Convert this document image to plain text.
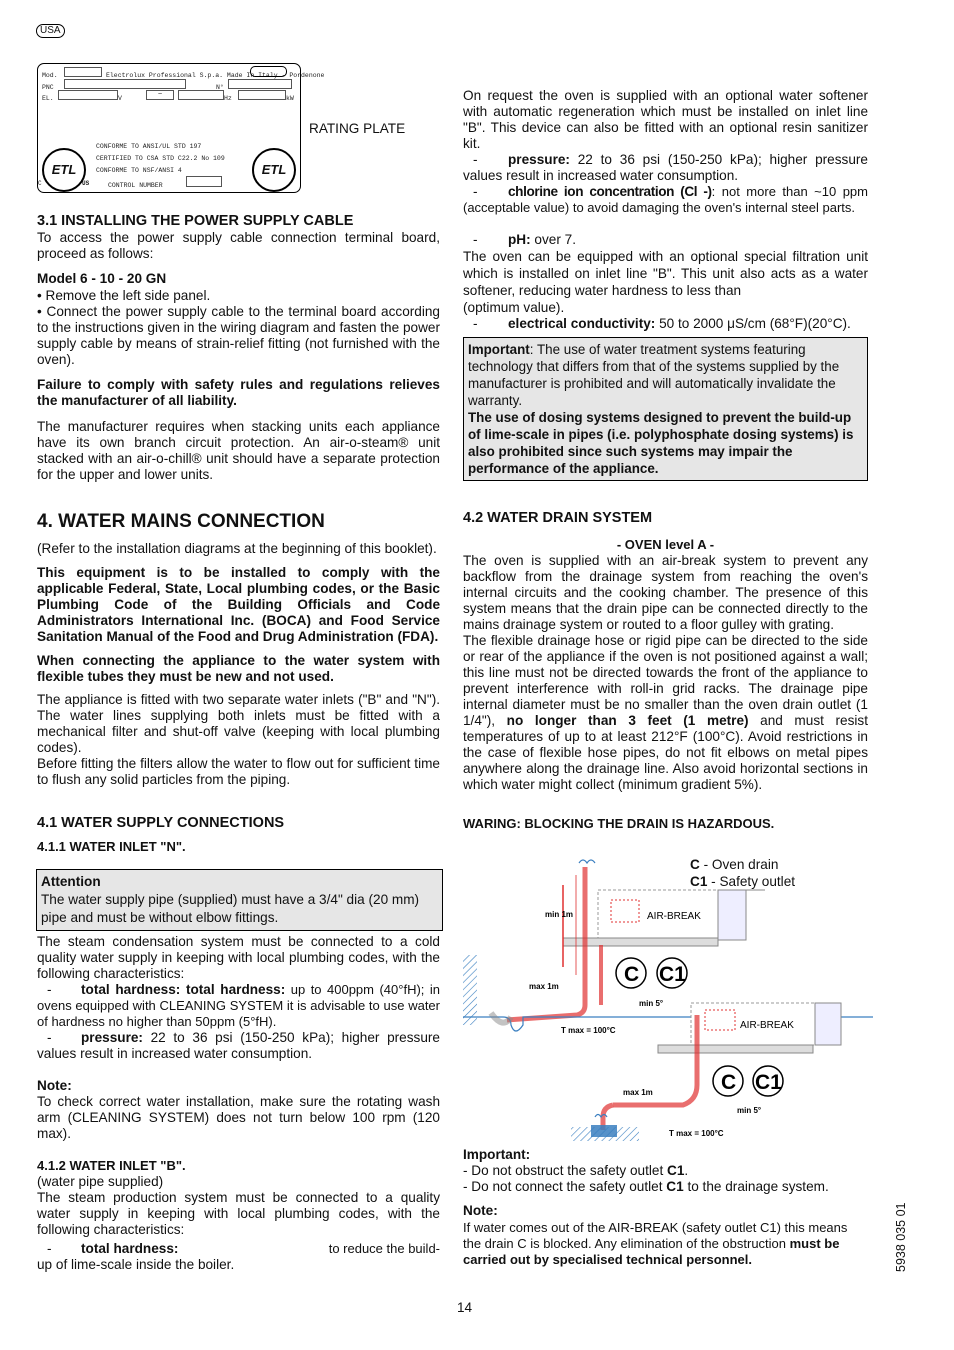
USA
Mod.	Electrolux Professional S.p.a. Made In Italy - Pordenone
PNC	N°
EL.	V
~
Hz	kW
CONFORME TO ANSI/UL STD 197
CERTIFIED TO CSA STD C22.2 No 109
CONFORME TO NSF/ANSI 4
CONTROL NUMBER
ETL
C	US
ETL
RATING PLATE

3.1 INSTALLING THE POWER SUPPLY CABLE

To access the power supply cable connection terminal board, proceed as follows:

Model 6 - 10 - 20 GN

• Remove the left side panel.

• Connect the power supply cable to the terminal board according to the instructions given in the wiring diagram and fasten the power supply cable by means of strain-relief fitting (not furnished with the oven).

Failure to comply with safety rules and regulations relieves the manufacturer of all liability.

The manufacturer requires when stacking units each appliance have its own branch circuit protection. An air-o-steam® unit stacked with an air-o-chill® unit should have a separate protection for the upper and lower units.

4. WATER MAINS CONNECTION

(Refer to the installation diagrams at the beginning of this booklet).

This equipment is to be installed to comply with the applicable Federal, State, Local plumbing codes, or the Basic Plumbing Code of the Building Officials and Code Administrators International Inc. (BOCA) and Food Service Sanitation Manual of the Food and Drug Administration (FDA).

When connecting the appliance to the water system with flexible tubes they must be new and not used.

The appliance is fitted with two separate water inlets ("B" and "N"). The water lines supplying both inlets must be fitted with a mechanical filter and shut-off valve (keeping with local plumbing codes).

Before fitting the filters allow the water to flow out for sufficient time to flush any solid particles from the piping.

4.1 WATER SUPPLY CONNECTIONS

4.1.1 WATER INLET "N".

Attention

The water supply pipe (supplied) must have a 3/4" dia (20 mm) pipe and must be without elbow fittings.

The steam condensation system must be connected to a cold quality water supply in keeping with local plumbing codes, with the following characteristics:

- total hardness: total hardness: up to 400ppm (40°fH); in ovens equipped with CLEANING SYSTEM it is advisable to use water of hardness no higher than 50ppm (5°fH).

- pressure: 22 to 36 psi (150-250 kPa); higher pressure values result in increased water consumption.

Note:

To check correct water installation, make sure the rotating wash arm (CLEANING SYSTEM) does not turn below 100 rpm (120 max).

4.1.2 WATER INLET "B".

(water pipe supplied)

The steam production system must be connected to a quality water supply in keeping with local plumbing codes, with the following characteristics:

- total hardness:	to reduce the build-
up of lime-scale inside the boiler.

On request the oven is supplied with an optional water softener with automatic regeneration which must be installed on inlet line "B". This device can also be fitted with an optional resin sanitizer kit.

- pressure: 22 to 36 psi (150-250 kPa); higher pressure values result in increased water consumption.

- chlorine ion concentration (Cl -): not more than ~10 ppm (acceptable value) to avoid damaging the oven's internal steel parts.

- pH: over 7.

The oven can be equipped with an optional special filtration unit which is installed on inlet line "B". This unit also acts as a water softener, reducing water hardness to less than

(optimum value).

- electrical conductivity: 50 to 2000 μS/cm (68°F)(20°C).

Important: The use of water treatment systems featuring technology that differs from that of the systems supplied by the manufacturer is prohibited and will automatically invalidate the warranty.

The use of dosing systems designed to prevent the build-up of lime-scale in pipes (i.e. polyphosphate dosing systems) is also prohibited since such systems may impair the performance of the appliance.

4.2 WATER DRAIN SYSTEM

- OVEN level A -

The oven is supplied with an air-break system to prevent any backflow from the drainage system from reaching the oven's internal circuits and the cooking chamber. The presence of this system means that the drain pipe can be connected directly to the mains drainage system or routed to a floor gulley with grating.

The flexible drainage hose or rigid pipe can be directed to the side or rear of the appliance if the oven is not positioned against a wall; this line must not be directed towards the front of the appliance to prevent interference with roll-in grid racks. The drainage pipe internal diameter must be no smaller than the oven drain outlet (1 1/4"), no longer than 3 feet (1 metre) and must resist temperatures of up to at least 212°F (100°C). Avoid restrictions in the case of flexible hose pipes, do not fit elbows on metal pipes anywhere along the drainage line. Also avoid horizontal sections in which water might collect (minimum gradient 5%).

WARING: BLOCKING THE DRAIN IS HAZARDOUS.

C - Oven drain
C1 - Safety outlet
min 1m	AIR-BREAK
max 1m
min 5°
T max = 100°C
C C1
AIR-BREAK
C C1
max 1m
min 5°
T max = 100°C

Important:

- Do not obstruct the safety outlet C1.

- Do not connect the safety outlet C1 to the drainage system.

Note:

If water comes out of the AIR-BREAK (safety outlet C1) this means the drain C is blocked. Any elimination of the obstruction must be carried out by specialised technical personnel.

14
5938 035 01
